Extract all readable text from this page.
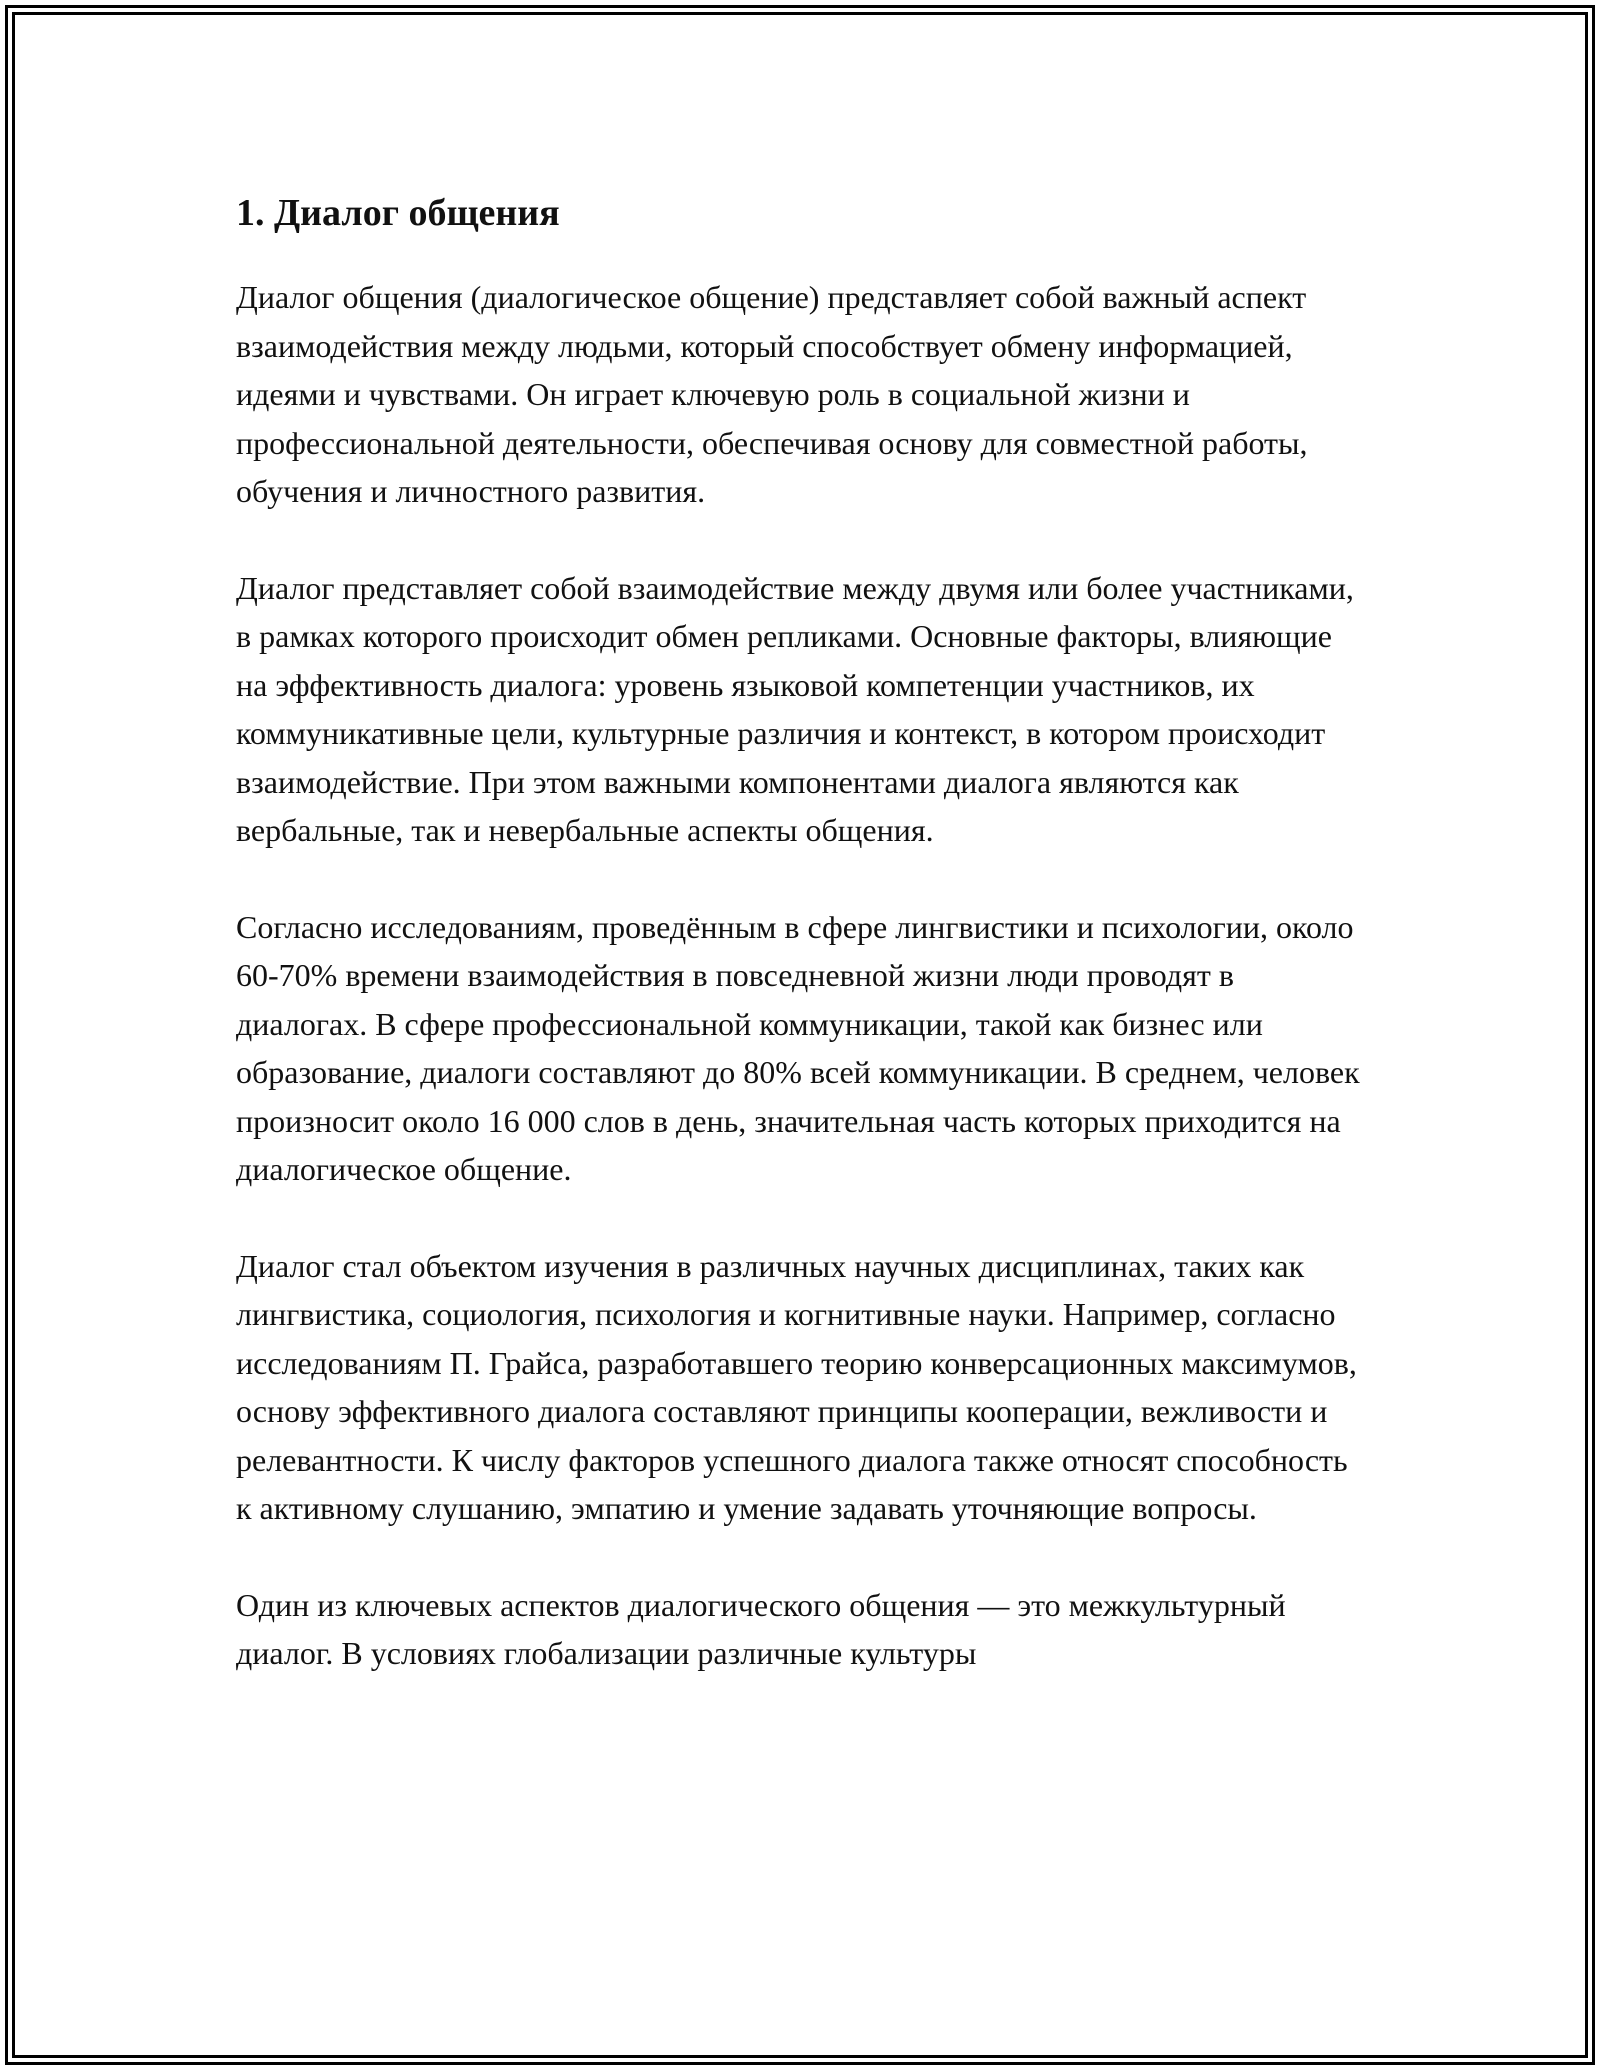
1. Диалог общения

Диалог общения (диалогическое общение) представляет собой важный аспект взаимодействия между людьми, который способствует обмену информацией, идеями и чувствами. Он играет ключевую роль в социальной жизни и профессиональной деятельности, обеспечивая основу для совместной работы, обучения и личностного развития.

Диалог представляет собой взаимодействие между двумя или более участниками, в рамках которого происходит обмен репликами. Основные факторы, влияющие на эффективность диалога: уровень языковой компетенции участников, их коммуникативные цели, культурные различия и контекст, в котором происходит взаимодействие. При этом важными компонентами диалога являются как вербальные, так и невербальные аспекты общения.

Согласно исследованиям, проведённым в сфере лингвистики и психологии, около 60-70% времени взаимодействия в повседневной жизни люди проводят в диалогах. В сфере профессиональной коммуникации, такой как бизнес или образование, диалоги составляют до 80% всей коммуникации. В среднем, человек произносит около 16 000 слов в день, значительная часть которых приходится на диалогическое общение.

Диалог стал объектом изучения в различных научных дисциплинах, таких как лингвистика, социология, психология и когнитивные науки. Например, согласно исследованиям П. Грайса, разработавшего теорию конверсационных максимумов, основу эффективного диалога составляют принципы кооперации, вежливости и релевантности. К числу факторов успешного диалога также относят способность к активному слушанию, эмпатию и умение задавать уточняющие вопросы.

Один из ключевых аспектов диалогического общения — это межкультурный диалог. В условиях глобализации различные культуры
